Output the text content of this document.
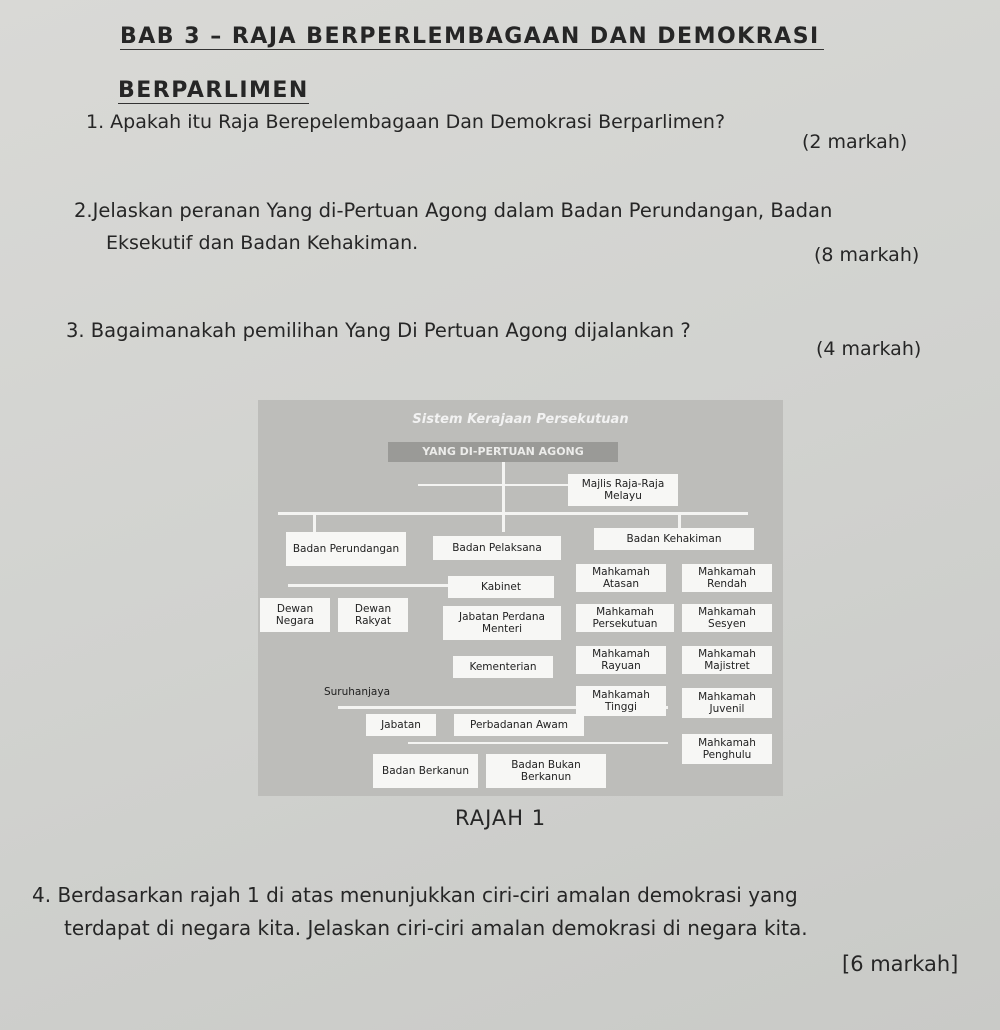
BAB 3 – RAJA BERPERLEMBAGAAN DAN DEMOKRASI
BERPARLIMEN
1. Apakah itu Raja Berepelembagaan Dan Demokrasi Berparlimen?
(2 markah)
2.Jelaskan peranan Yang di-Pertuan Agong dalam Badan Perundangan, Badan
Eksekutif dan Badan Kehakiman.
(8 markah)
3. Bagaimanakah pemilihan Yang Di Pertuan Agong dijalankan ?
(4 markah)
Sistem Kerajaan Persekutuan
YANG DI-PERTUAN AGONG
Majlis Raja-Raja Melayu
Badan Perundangan
Dewan Negara
Dewan Rakyat
Badan Pelaksana
Kabinet
Jabatan Perdana Menteri
Kementerian
Suruhanjaya
Jabatan	Perbadanan Awam
Badan Berkanun	Badan Bukan Berkanun
Badan Kehakiman
Mahkamah Atasan
Mahkamah Rendah
Mahkamah Persekutuan
Mahkamah Sesyen
Mahkamah Rayuan
Mahkamah Majistret
Mahkamah Tinggi
Mahkamah Juvenil
Mahkamah Penghulu
RAJAH 1
4. Berdasarkan rajah 1 di atas menunjukkan ciri-ciri amalan demokrasi yang
terdapat di negara kita. Jelaskan ciri-ciri amalan demokrasi di negara kita.
[6 markah]
